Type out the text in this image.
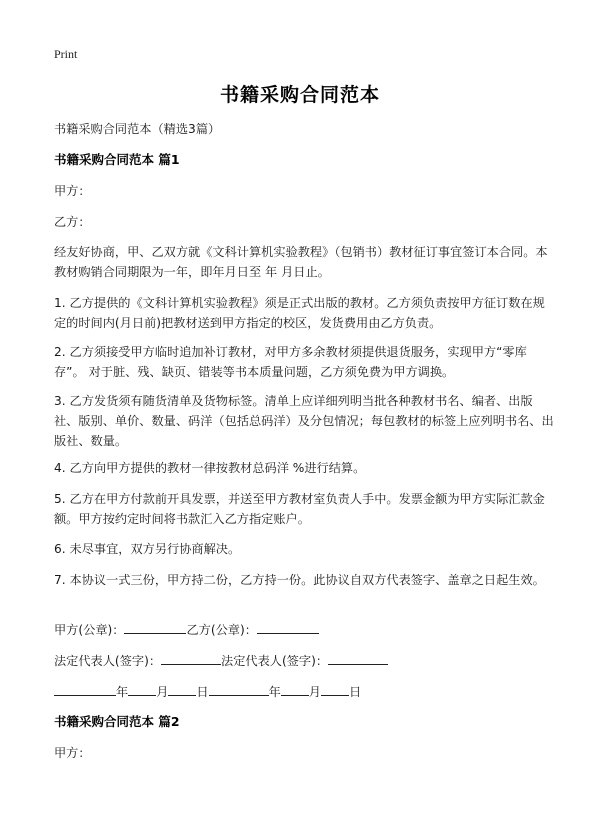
Print
书籍采购合同范本

书籍采购合同范本（精选3篇）

书籍采购合同范本 篇1

甲方：

乙方：

经友好协商，甲、乙双方就《文科计算机实验教程》（包销书）教材征订事宜签订本合同。本教材购销合同期限为一年，即年月日至 年 月日止。

1. 乙方提供的《文科计算机实验教程》须是正式出版的教材。乙方须负责按甲方征订数在规定的时间内(月日前)把教材送到甲方指定的校区，发货费用由乙方负责。

2. 乙方须接受甲方临时追加补订教材，对甲方多余教材须提供退货服务，实现甲方“零库存”。 对于脏、残、缺页、错装等书本质量问题，乙方须免费为甲方调换。

3. 乙方发货须有随货清单及货物标签。清单上应详细列明当批各种教材书名、编者、出版社、版别、单价、数量、码洋（包括总码洋）及分包情况；每包教材的标签上应列明书名、出版社、数量。

4. 乙方向甲方提供的教材一律按教材总码洋 %进行结算。

5. 乙方在甲方付款前开具发票，并送至甲方教材室负责人手中。发票金额为甲方实际汇款金额。甲方按约定时间将书款汇入乙方指定账户。

6. 未尽事宜，双方另行协商解决。

7. 本协议一式三份，甲方持二份，乙方持一份。此协议自双方代表签字、盖章之日起生效。

甲方(公章)：	乙方(公章)：

法定代表人(签字)：	法定代表人(签字)：

年 月 日	年 月 日

书籍采购合同范本 篇2

甲方：
